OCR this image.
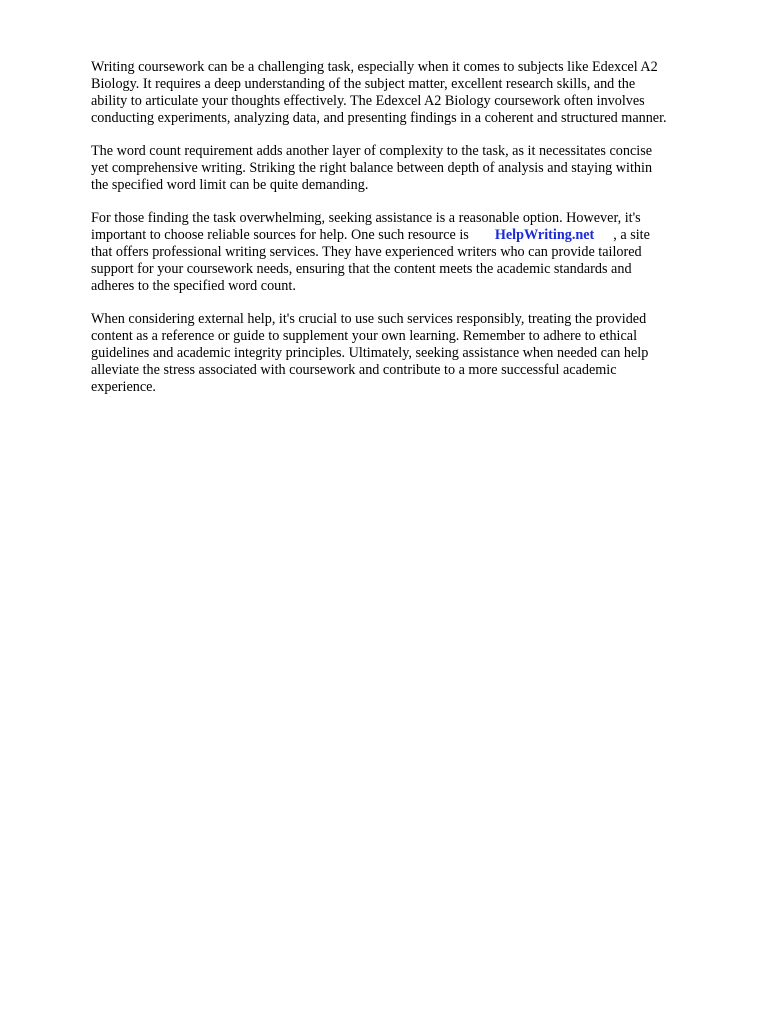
Writing coursework can be a challenging task, especially when it comes to subjects like Edexcel A2
Biology. It requires a deep understanding of the subject matter, excellent research skills, and the
ability to articulate your thoughts effectively. The Edexcel A2 Biology coursework often involves
conducting experiments, analyzing data, and presenting findings in a coherent and structured manner.

The word count requirement adds another layer of complexity to the task, as it necessitates concise
yet comprehensive writing. Striking the right balance between depth of analysis and staying within
the specified word limit can be quite demanding.

For those finding the task overwhelming, seeking assistance is a reasonable option. However, it's
important to choose reliable sources for help. One such resource is HelpWriting.net , a site
that offers professional writing services. They have experienced writers who can provide tailored
support for your coursework needs, ensuring that the content meets the academic standards and
adheres to the specified word count.

When considering external help, it's crucial to use such services responsibly, treating the provided
content as a reference or guide to supplement your own learning. Remember to adhere to ethical
guidelines and academic integrity principles. Ultimately, seeking assistance when needed can help
alleviate the stress associated with coursework and contribute to a more successful academic
experience.
